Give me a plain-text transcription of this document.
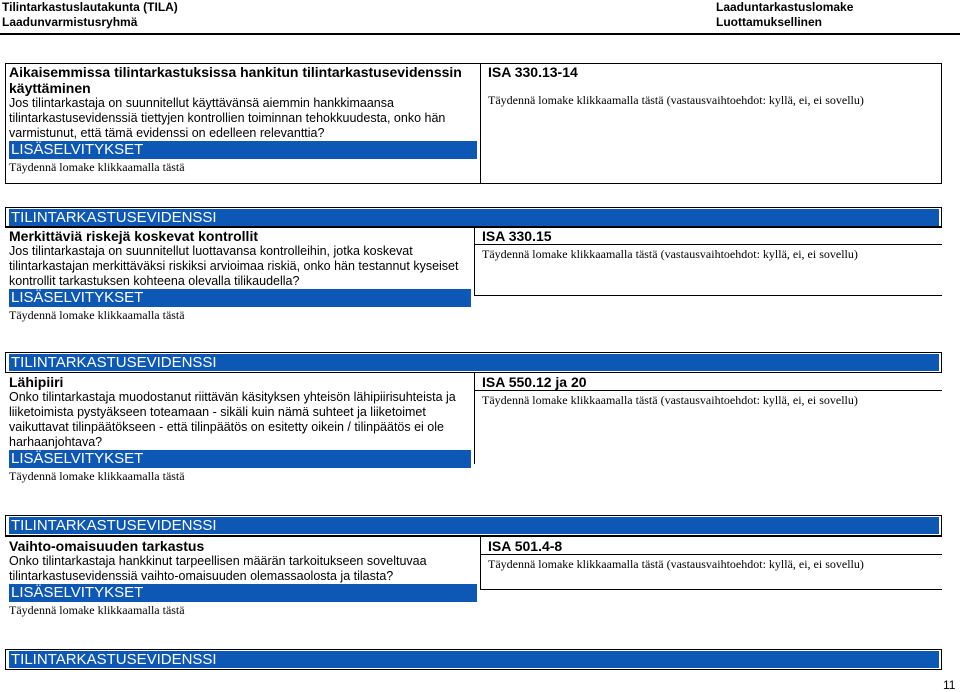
Tilintarkastuslautakunta (TILA)
Laadunvarmistusryhmä
Laaduntarkastuslomake
Luottamuksellinen
Aikaisemmissa tilintarkastuksissa hankitun tilintarkastusevidenssin käyttäminen
Jos tilintarkastaja on suunnitellut käyttävänsä aiemmin hankkimaansa tilintarkastusevidenssiä tiettyjen kontrollien toiminnan tehokkuudesta, onko hän varmistunut, että tämä evidenssi on edelleen relevanttia?
LISÄSELVITYKSET
Täydennä lomake klikkaamalla tästä
ISA 330.13-14
Täydennä lomake klikkaamalla tästä (vastausvaihtoehdot: kyllä, ei, ei sovellu)
TILINTARKASTUSEVIDENSSI
Merkittäviä riskejä koskevat kontrollit
Jos tilintarkastaja on suunnitellut luottavansa kontrolleihin, jotka koskevat tilintarkastajan merkittäväksi riskiksi arvioimaa riskiä, onko hän testannut kyseiset kontrollit tarkastuksen kohteena olevalla tilikaudella?
LISÄSELVITYKSET
Täydennä lomake klikkaamalla tästä
ISA 330.15
Täydennä lomake klikkaamalla tästä (vastausvaihtoehdot: kyllä, ei, ei sovellu)
TILINTARKASTUSEVIDENSSI
Lähipiiri
Onko tilintarkastaja muodostanut riittävän käsityksen yhteisön lähipiirisuhteista ja liiketoimista pystyäkseen toteamaan - sikäli kuin nämä suhteet ja liiketoimet vaikuttavat tilinpäätökseen - että tilinpäätös on esitetty oikein / tilinpäätös ei ole harhaanjohtava?
LISÄSELVITYKSET
Täydennä lomake klikkaamalla tästä
ISA 550.12 ja 20
Täydennä lomake klikkaamalla tästä (vastausvaihtoehdot: kyllä, ei, ei sovellu)
TILINTARKASTUSEVIDENSSI
Vaihto-omaisuuden tarkastus
Onko tilintarkastaja hankkinut tarpeellisen määrän tarkoitukseen soveltuvaa tilintarkastusevidenssiä vaihto-omaisuuden olemassaolosta ja tilasta?
LISÄSELVITYKSET
Täydennä lomake klikkaamalla tästä
ISA 501.4-8
Täydennä lomake klikkaamalla tästä (vastausvaihtoehdot: kyllä, ei, ei sovellu)
TILINTARKASTUSEVIDENSSI
11
